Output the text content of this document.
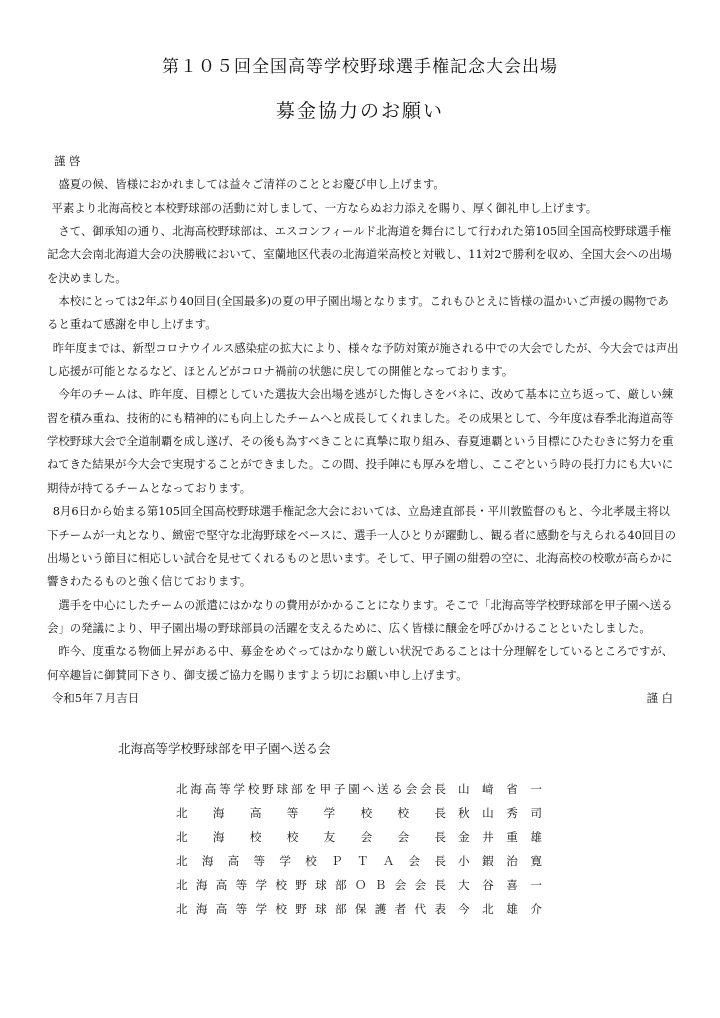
第１０５回全国高等学校野球選手権記念大会出場
募金協力のお願い

謹 啓

盛夏の候、皆様におかれましては益々ご清祥のこととお慶び申し上げます。

平素より北海高校と本校野球部の活動に対しまして、一方ならぬお力添えを賜り、厚く御礼申し上げます。

さて、御承知の通り、北海高校野球部は、エスコンフィールド北海道を舞台にして行われた第105回全国高校野球選手権記念大会南北海道大会の決勝戦において、室蘭地区代表の北海道栄高校と対戦し、11対2で勝利を収め、全国大会への出場を決めました。

本校にとっては2年ぶり40回目(全国最多)の夏の甲子園出場となります。これもひとえに皆様の温かいご声援の賜物であると重ねて感謝を申し上げます。

昨年度までは、新型コロナウイルス感染症の拡大により、様々な予防対策が施される中での大会でしたが、今大会では声出し応援が可能となるなど、ほとんどがコロナ禍前の状態に戻しての開催となっております。

今年のチームは、昨年度、目標としていた選抜大会出場を逃がした悔しさをバネに、改めて基本に立ち返って、厳しい練習を積み重ね、技術的にも精神的にも向上したチームへと成長してくれました。その成果として、今年度は春季北海道高等学校野球大会で全道制覇を成し遂げ、その後も為すべきことに真摯に取り組み、春夏連覇という目標にひたむきに努力を重ねてきた結果が今大会で実現することができました。この間、投手陣にも厚みを増し、ここぞという時の長打力にも大いに期待が持てるチームとなっております。

8月6日から始まる第105回全国高校野球選手権記念大会においては、立島達直部長・平川敦監督のもと、今北孝晟主将以下チームが一丸となり、緻密で堅守な北海野球をベースに、選手一人ひとりが躍動し、観る者に感動を与えられる40回目の出場という節目に相応しい試合を見せてくれるものと思います。そして、甲子園の紺碧の空に、北海高校の校歌が高らかに響きわたるものと強く信じております。

選手を中心にしたチームの派遣にはかなりの費用がかかることになります。そこで「北海高等学校野球部を甲子園へ送る会」の発議により、甲子園出場の野球部員の活躍を支えるために、広く皆様に醸金を呼びかけることといたしました。

昨今、度重なる物価上昇がある中、募金をめぐってはかなり厳しい状況であることは十分理解をしているところですが、何卒趣旨に御賛同下さり、御支援ご協力を賜りますよう切にお願い申し上げます。

謹 白

令和5年７月吉日
北海高等学校野球部を甲子園へ送る会
北海高等学校野球部を甲子園へ送る会会長 山﨑省一
北海高等学校校長 秋山秀司
北海校校友会会長 金井重雄
北海高等学校ＰＴＡ会長 小鍜治寛
北海高等学校野球部ＯＢ会会長 大谷喜一
北海高等学校野球部保護者代表 今北雄介
